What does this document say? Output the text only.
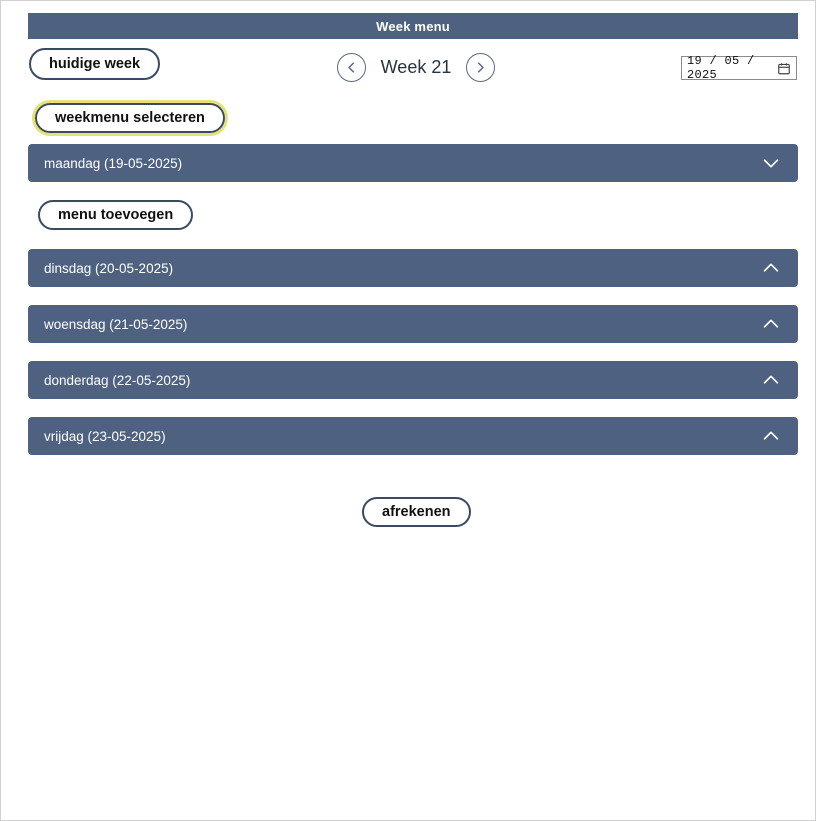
Week menu
huidige week	Week 21	19 / 05 / 2025
weekmenu selecteren
maandag (19-05-2025)
menu toevoegen
dinsdag (20-05-2025)
woensdag (21-05-2025)
donderdag (22-05-2025)
vrijdag (23-05-2025)
afrekenen
